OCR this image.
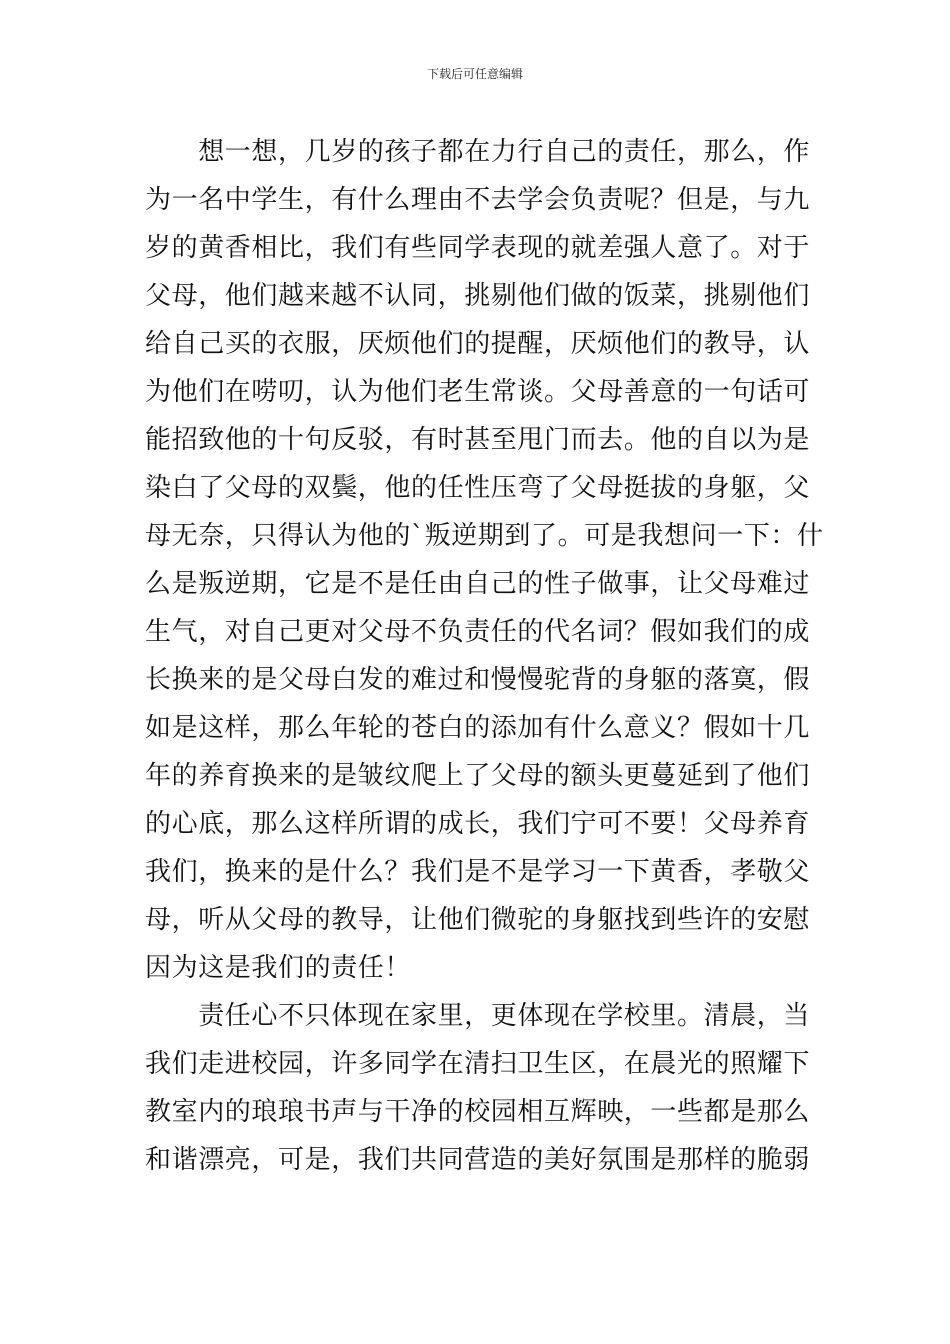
下载后可任意编辑
　　想一想，几岁的孩子都在力行自己的责任，那么，作
为一名中学生，有什么理由不去学会负责呢？但是，与九
岁的黄香相比，我们有些同学表现的就差强人意了。对于
父母，他们越来越不认同，挑剔他们做的饭菜，挑剔他们
给自己买的衣服，厌烦他们的提醒，厌烦他们的教导，认
为他们在唠叨，认为他们老生常谈。父母善意的一句话可
能招致他的十句反驳，有时甚至甩门而去。他的自以为是
染白了父母的双鬓，他的任性压弯了父母挺拔的身躯，父
母无奈，只得认为他的`叛逆期到了。可是我想问一下：什
么是叛逆期，它是不是任由自己的性子做事，让父母难过
生气，对自己更对父母不负责任的代名词？假如我们的成
长换来的是父母白发的难过和慢慢驼背的身躯的落寞，假
如是这样，那么年轮的苍白的添加有什么意义？假如十几
年的养育换来的是皱纹爬上了父母的额头更蔓延到了他们
的心底，那么这样所谓的成长，我们宁可不要！父母养育
我们，换来的是什么？我们是不是学习一下黄香，孝敬父
母，听从父母的教导，让他们微驼的身躯找到些许的安慰
因为这是我们的责任！
　　责任心不只体现在家里，更体现在学校里。清晨，当
我们走进校园，许多同学在清扫卫生区，在晨光的照耀下
教室内的琅琅书声与干净的校园相互辉映，一些都是那么
和谐漂亮，可是，我们共同营造的美好氛围是那样的脆弱
